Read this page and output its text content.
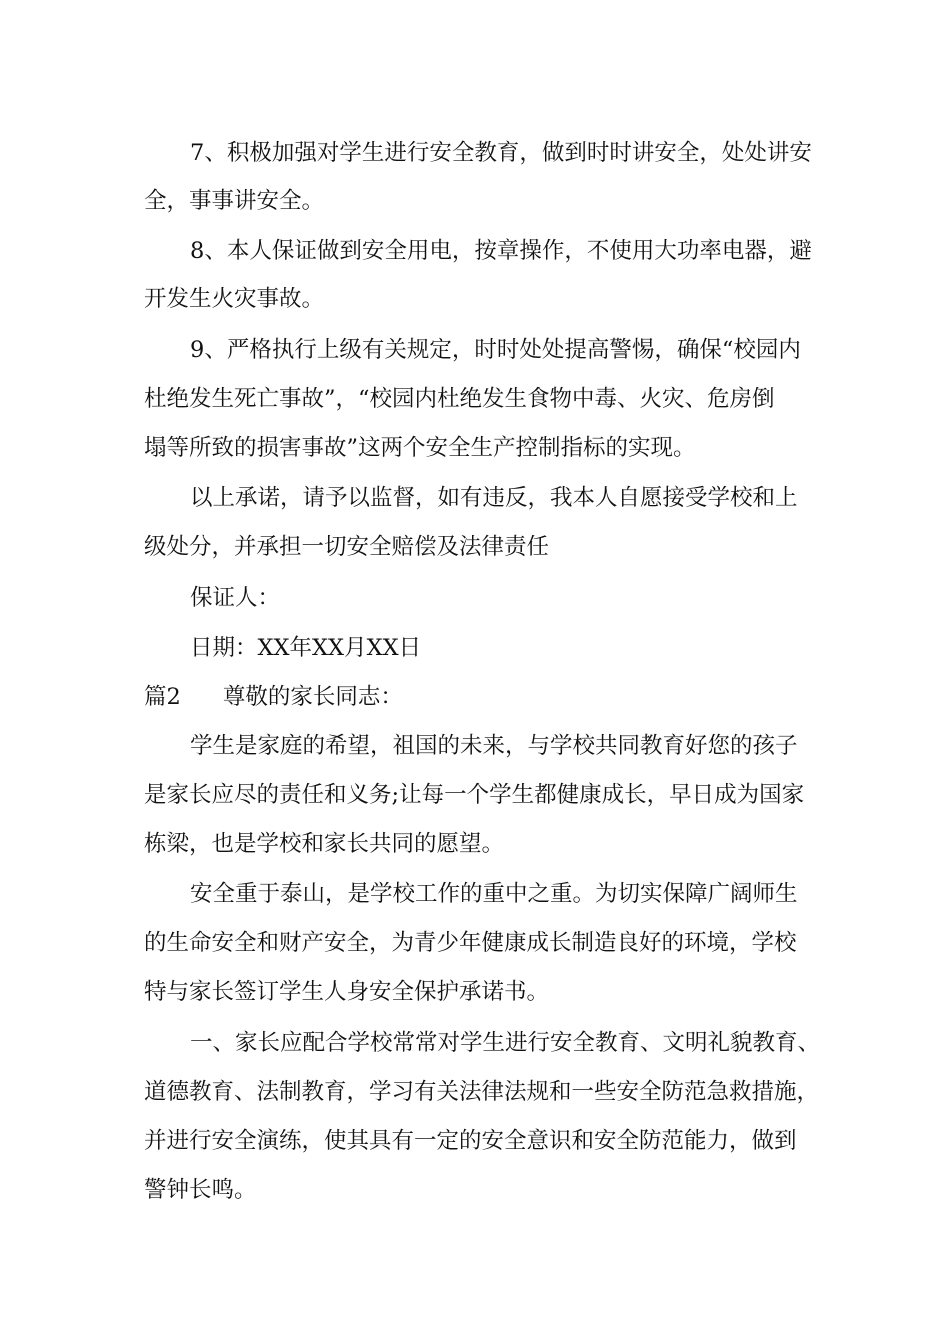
7、积极加强对学生进行安全教育，做到时时讲安全，处处讲安
全，事事讲安全。
8、本人保证做到安全用电，按章操作，不使用大功率电器，避
开发生火灾事故。
9、严格执行上级有关规定，时时处处提高警惕，确保“校园内
杜绝发生死亡事故”，“校园内杜绝发生食物中毒、火灾、危房倒
塌等所致的损害事故”这两个安全生产控制指标的实现。
以上承诺，请予以监督，如有违反，我本人自愿接受学校和上
级处分，并承担一切安全赔偿及法律责任
保证人：
日期：XX年XX月XX日
篇2 尊敬的家长同志：
学生是家庭的希望，祖国的未来，与学校共同教育好您的孩子
是家长应尽的责任和义务;让每一个学生都健康成长，早日成为国家
栋梁，也是学校和家长共同的愿望。
安全重于泰山，是学校工作的重中之重。为切实保障广阔师生
的生命安全和财产安全，为青少年健康成长制造良好的环境，学校
特与家长签订学生人身安全保护承诺书。
一、家长应配合学校常常对学生进行安全教育、文明礼貌教育、
道德教育、法制教育，学习有关法律法规和一些安全防范急救措施，
并进行安全演练，使其具有一定的安全意识和安全防范能力，做到
警钟长鸣。
